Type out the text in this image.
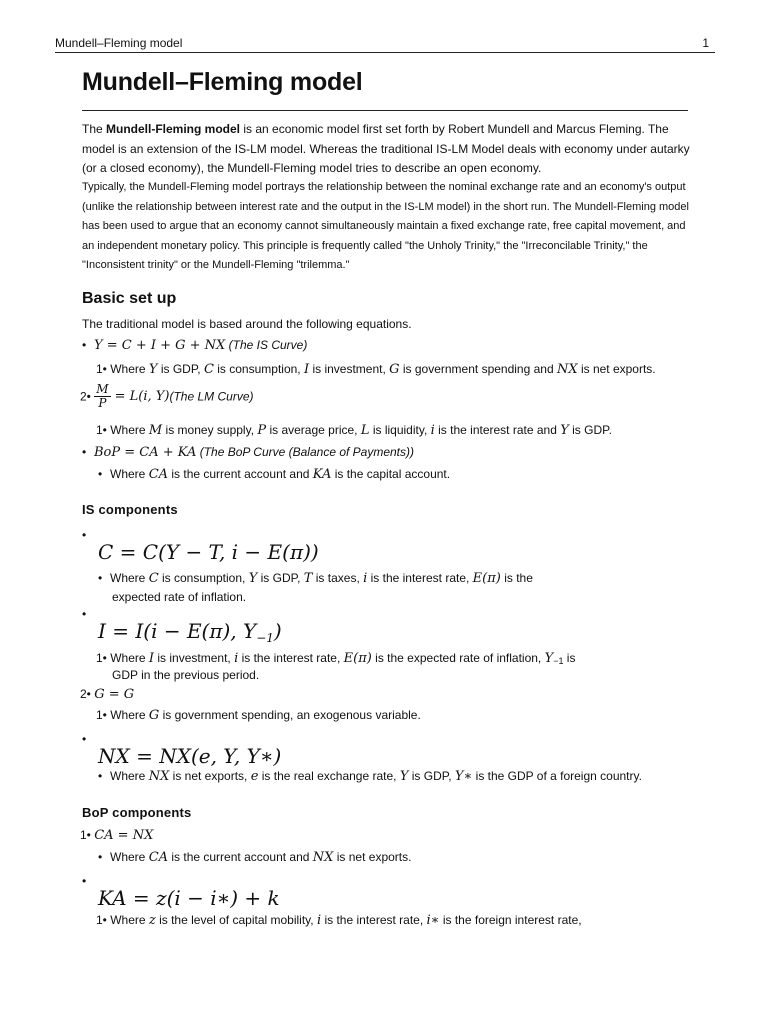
Mundell–Fleming model	1
Mundell–Fleming model

The Mundell-Fleming model is an economic model first set forth by Robert Mundell and Marcus Fleming. The model is an extension of the IS-LM model. Whereas the traditional IS-LM Model deals with economy under autarky (or a closed economy), the Mundell-Fleming model tries to describe an open economy.

Typically, the Mundell-Fleming model portrays the relationship between the nominal exchange rate and an economy's output (unlike the relationship between interest rate and the output in the IS-LM model) in the short run. The Mundell-Fleming model has been used to argue that an economy cannot simultaneously maintain a fixed exchange rate, free capital movement, and an independent monetary policy. This principle is frequently called "the Unholy Trinity," the "Irreconcilable Trinity," the "Inconsistent trinity" or the Mundell-Fleming "trilemma."

Basic set up
The traditional model is based around the following equations.
• Y = C + I + G + NX (The IS Curve)
1• Where Y is GDP, C is consumption, I is investment, G is government spending and NX is net exports.
2• $\frac{M}{P} = L(i$, Y)(The LM Curve)
1• Where M is money supply, P is average price, L is liquidity, i is the interest rate and Y is GDP.
• BoP = CA + KA (The BoP Curve (Balance of Payments))
• Where CA is the current account and KA is the capital account.
IS components
•
C = C(Y − T, i − E(π))
• Where C is consumption, Y is GDP, T is taxes, i is the interest rate, E(π) is the
expected rate of inflation.
•
I = I(i − E(π), $Y_{-1}$)
1• Where I is investment, i is the interest rate, E(π) is the expected rate of inflation, Y−1 is
GDP in the previous period.
2• G = G
1• Where G is government spending, an exogenous variable.
•
NX = NX(e, Y, Y∗)
• Where NX is net exports, e is the real exchange rate, Y is GDP, Y∗ is the GDP of a foreign country.
BoP components
1• CA = NX
• Where CA is the current account and NX is net exports.
•
KA = z(i − i∗) + k
1• Where z is the level of capital mobility, i is the interest rate, i∗ is the foreign interest rate,
